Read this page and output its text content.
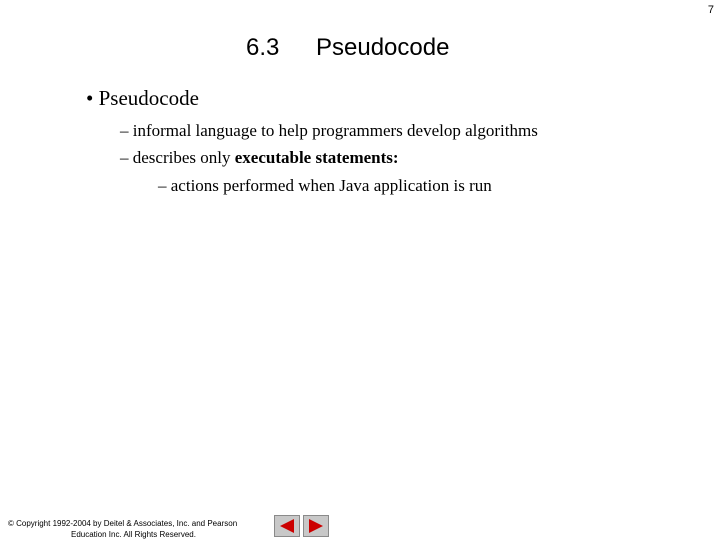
7
6.3 Pseudocode
• Pseudocode
– informal language to help programmers develop algorithms
– describes only executable statements:
– actions performed when Java application is run
© Copyright 1992-2004 by Deitel & Associates, Inc. and Pearson
Education Inc. All Rights Reserved.
